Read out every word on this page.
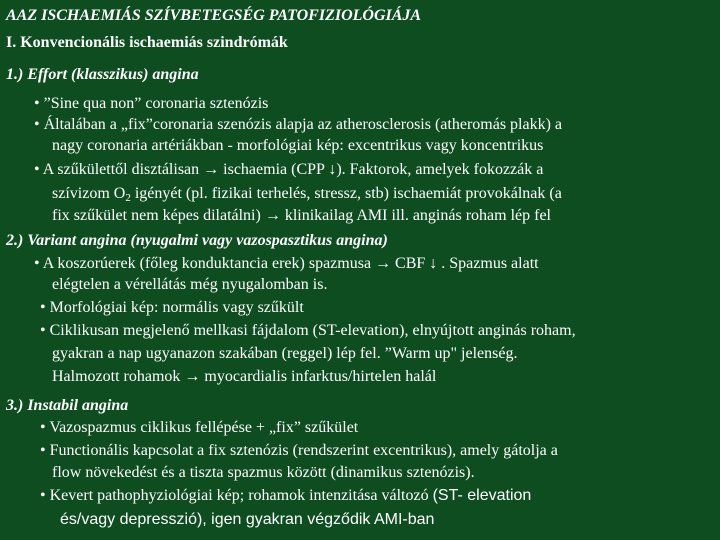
AAZ ISCHAEMIÁS SZÍVBETEGSÉG PATOFIZIOLÓGIÁJA
I. Konvencionális ischaemiás szindrómák
1.) Effort (klasszikus) angina
• ”Sine qua non” coronaria sztenózis
• Általában a „fix”coronaria szenózis alapja az atherosclerosis (atheromás plakk) a
nagy coronaria artériákban - morfológiai kép: excentrikus vagy koncentrikus
• A szűkülettől disztálisan → ischaemia (CPP ↓). Faktorok, amelyek fokozzák a
szívizom $O_2$ igényét (pl. fizikai terhelés, stressz, stb) ischaemiát provokálnak (a
fix szűkület nem képes dilatálni) → klinikailag AMI ill. anginás roham lép fel
2.) Variant angina (nyugalmi vagy vazospasztikus angina)
• A koszorúerek (főleg konduktancia erek) spazmusa → CBF ↓ . Spazmus alatt
elégtelen a vérellátás még nyugalomban is.
• Morfológiai kép: normális vagy szűkült
• Ciklikusan megjelenő mellkasi fájdalom (ST-elevation), elnyújtott anginás roham,
gyakran a nap ugyanazon szakában (reggel) lép fel. ”Warm up" jelenség.
Halmozott rohamok → myocardialis infarktus/hirtelen halál
3.) Instabil angina
• Vazospazmus ciklikus fellépése + „fix” szűkület
• Functionális kapcsolat a fix sztenózis (rendszerint excentrikus), amely gátolja a
flow növekedést és a tiszta spazmus között (dinamikus sztenózis).
• Kevert pathophyziológiai kép; rohamok intenzitása változó (ST- elevation
és/vagy depresszió), igen gyakran végződik AMI-ban
